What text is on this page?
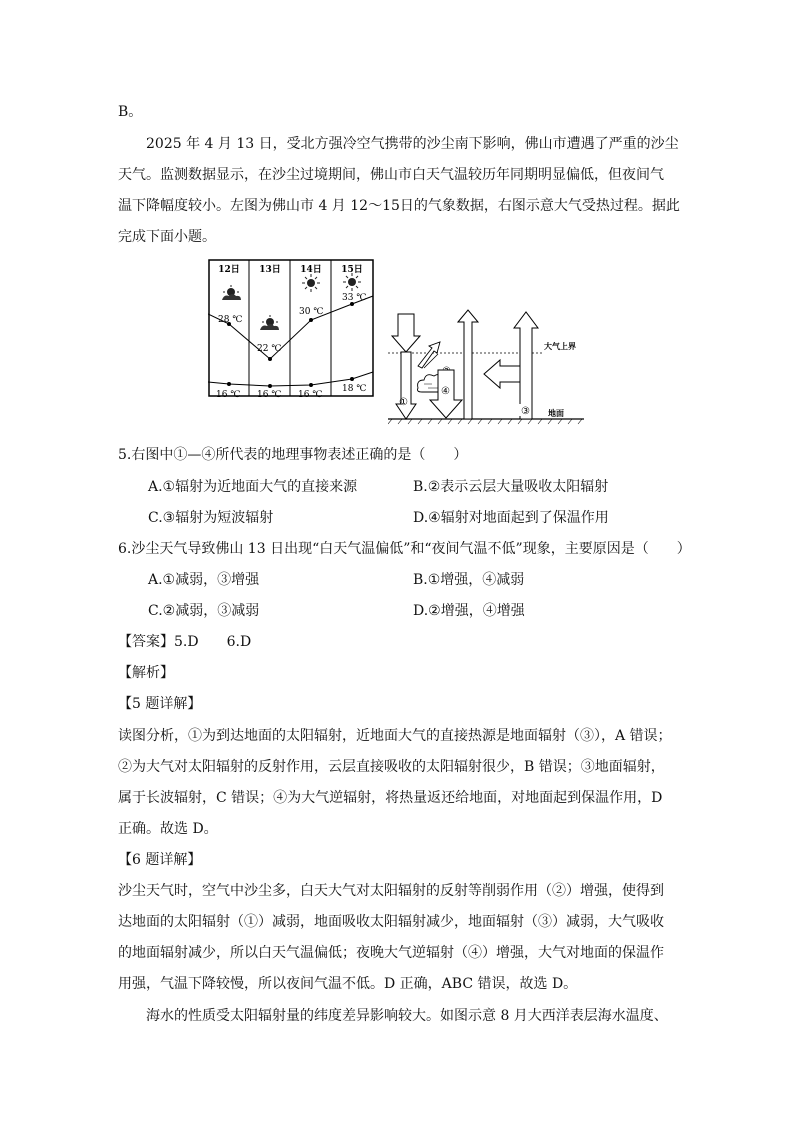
B。

2025 年 4 月 13 日，受北方强冷空气携带的沙尘南下影响，佛山市遭遇了严重的沙尘

天气。监测数据显示，在沙尘过境期间，佛山市白天气温较历年同期明显偏低，但夜间气

温下降幅度较小。左图为佛山市 4 月 12～15日的气象数据，右图示意大气受热过程。据此

完成下面小题。

12日 13日 14日 15日
28 ℃
22 ℃
30 ℃
33 ℃
16 ℃ 16 ℃ 16 ℃
18 ℃
大气上界
地面
①
④
③

5.右图中①—④所代表的地理事物表述正确的是（　　）

A.①辐射为近地面大气的直接来源	B.②表示云层大量吸收太阳辐射
C.③辐射为短波辐射	D.④辐射对地面起到了保温作用

6.沙尘天气导致佛山 13 日出现“白天气温偏低”和“夜间气温不低”现象，主要原因是（　　）

A.①减弱，③增强	B.①增强，④减弱
C.②减弱，③减弱	D.②增强，④增强

【答案】5.D　　6.D

【解析】

【5 题详解】

读图分析，①为到达地面的太阳辐射，近地面大气的直接热源是地面辐射（③），A 错误；

②为大气对太阳辐射的反射作用，云层直接吸收的太阳辐射很少，B 错误；③地面辐射，

属于长波辐射，C 错误；④为大气逆辐射，将热量返还给地面，对地面起到保温作用，D

正确。故选 D。

【6 题详解】

沙尘天气时，空气中沙尘多，白天大气对太阳辐射的反射等削弱作用（②）增强，使得到

达地面的太阳辐射（①）减弱，地面吸收太阳辐射减少，地面辐射（③）减弱，大气吸收

的地面辐射减少，所以白天气温偏低；夜晚大气逆辐射（④）增强，大气对地面的保温作

用强，气温下降较慢，所以夜间气温不低。D 正确，ABC 错误，故选 D。

海水的性质受太阳辐射量的纬度差异影响较大。如图示意 8 月大西洋表层海水温度、
